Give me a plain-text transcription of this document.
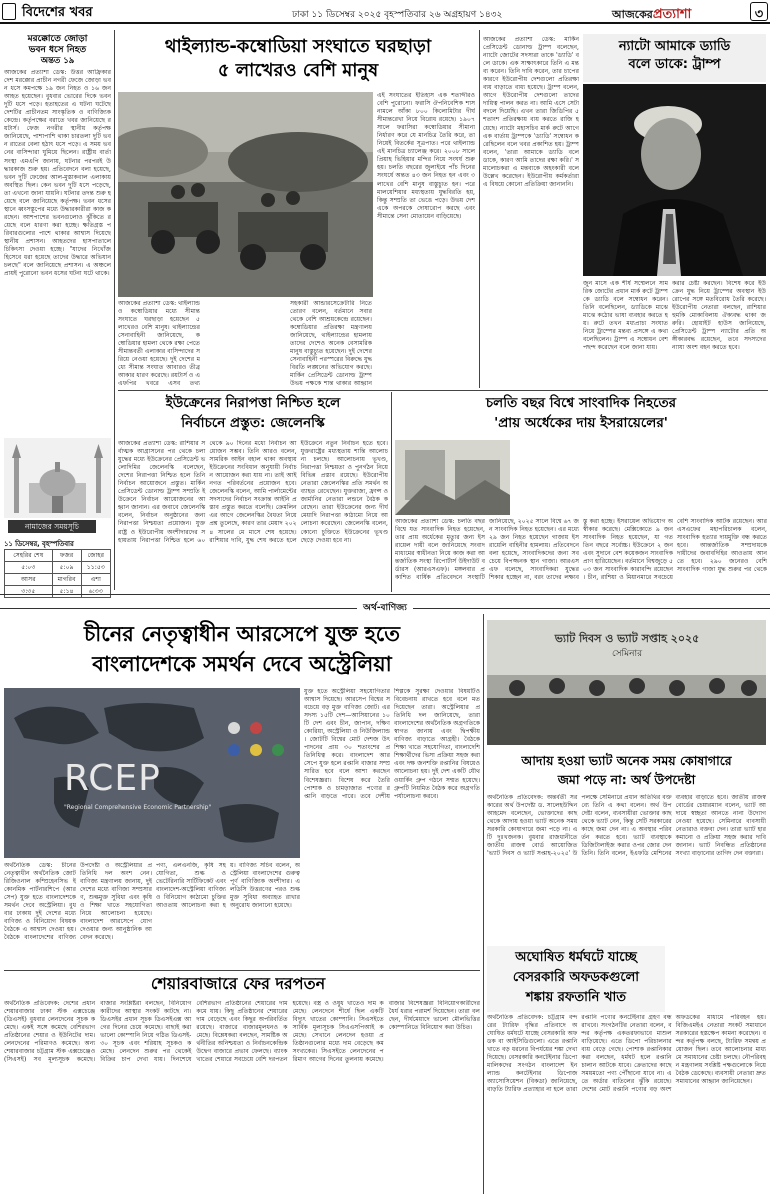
বিদেশের খবর	ঢাকা ১১ ডিসেম্বর ২০২৫ বৃহস্পতিবার ২৬ অগ্রহায়ণ ১৪৩২	আজকেরপ্রত্যাশা	৩
মরক্কোতে জোড়া
ভবন ধসে নিহত
অন্তত ১৯
আজকের প্রত্যাশা ডেস্ক: উত্তর আফ্রিকার দেশ মরক্কোর প্রাচীন নগরী ফেজে জোড়া ভবন ধসে কমপক্ষে ১৯ জন নিহত ও ১৬ জন আহত হয়েছেন। বুধবার ভোরের দিকে ভবন দুটি ধসে পড়ে। হতাহতের এ ঘটনা ঘটেছে দেশটির প্রাচীনতম সাংস্কৃতিক ও বাণিজ্যিক কেন্দ্রে। কর্তৃপক্ষের বরাতে খবর জানিয়েছে রয়টার্স। ফেজ নগরীর স্থানীয় কর্তৃপক্ষ জানিয়েছে, পাশাপাশি থাকা চারতলা দুটি ভবন রাতের বেলা হঠাৎ ধসে পড়ে। এ সময় ভবনের বাসিন্দারা ঘুমিয়ে ছিলেন। রাষ্ট্রীয় বার্তা সংস্থা এমএপি জানায়, ঘটনার পরপরই উদ্ধারকাজ শুরু হয়। প্রতিবেদনে বলা হয়েছে, ভবন দুটি ফেজের আল-মুস্তাকবাল এলাকায় অবস্থিত ছিল। কেন ভবন দুটি ধসে পড়েছে, তা এখনো জানা যায়নি। ঘটনার তদন্ত শুরু হয়েছে বলে জানিয়েছে কর্তৃপক্ষ। ভবন ধসের স্থানে ধ্বংসস্তূপের মধ্যে উদ্ধারকারীরা কাজ করছেন। আশপাশের ভবনগুলোও ঝুঁকিতে রয়েছে বলে ধারণা করা হচ্ছে। ক্ষতিগ্রস্ত পরিবারগুলোর পাশে থাকার আশ্বাস দিয়েছে স্থানীয় প্রশাসন। আহতদের হাসপাতালে চিকিৎসা দেওয়া হচ্ছে। "যাদের নিখোঁজ হিসেবে ধরা হয়েছে তাদের উদ্ধারে অভিযান চলছে" বলে জানিয়েছে প্রশাসন। এ অঞ্চলে প্রায়ই পুরোনো ভবন ধসের ঘটনা ঘটে থাকে।
নামাজের সময়সূচি
১১ ডিসেম্বর, বৃহস্পতিবার
সেহরির শেষ	ফজর	জোহর
৫:০৩	৫:০৯	১১:৫৩
আসর	মাগরিব	এশা
৩:৩৫	৫:১৪	৬:৩৩
থাইল্যান্ড-কম্বোডিয়া সংঘাতে ঘরছাড়া
৫ লাখেরও বেশি মানুষ
আজকের প্রত্যাশা ডেস্ক: থাইল্যান্ড ও কম্বোডিয়ার মধ্যে সীমান্ত সংঘাতে ঘরছাড়া হয়েছেন ৫ লাখেরও বেশি মানুষ। থাইল্যান্ডের সেনাবাহিনী জানিয়েছে, কম্বোডিয়ার হামলা থেকে রক্ষা পেতে সীমান্তবর্তী এলাকার বাসিন্দাদের সরিয়ে নেওয়া হয়েছে। দুই দেশের মধ্যে সীমান্ত সংঘাত আবারও তীব্র আকার ধারণ করেছে। রয়টার্স ও এএফপির খবরে এসব তথ্য
সহকারী আন্ডারসেক্রেটারি নিতে তোরণ বলেন, বর্তমানে সবার থেকে বেশি আশ্রয়কেন্দ্রে রয়েছেন। কম্বোডিয়ার প্রতিরক্ষা মন্ত্রণালয় জানিয়েছে, থাইল্যান্ডের হামলায় তাদের দেশেও অনেক বেসামরিক মানুষ বাস্তুচ্যুত হয়েছেন। দুই দেশের সেনাবাহিনী পরস্পরের বিরুদ্ধে যুদ্ধবিরতি লঙ্ঘনের অভিযোগ করছে। মার্কিন প্রেসিডেন্ট ডোনাল্ড ট্রাম্প উভয় পক্ষকে শান্ত থাকার আহ্বান
এই সংঘাতের ইতিহাস এক শতাব্দীরও বেশি পুরোনো। ফরাসি ঔপনিবেশিক শাসনামলে আঁকা ৮০০ কিলোমিটার দীর্ঘ সীমান্তরেখা নিয়ে বিরোধ রয়েছে। ১৯০৭ সালে ফরাসিরা কম্বোডিয়ার সীমানা নির্ধারণ করে যে মানচিত্র তৈরি করে, তা নিয়েই বিতর্কের সূত্রপাত। পরে থাইল্যান্ড এই মানচিত্র চ্যালেঞ্জ করে। ২০০৮ সালে প্রিয়াহ ভিহিয়ার মন্দির নিয়ে সংঘর্ষ শুরু হয়। চলতি বছরের জুলাইয়ে পাঁচ দিনের সংঘর্ষে অন্তত ৪৩ জন নিহত হন এবং ৩ লাখের বেশি মানুষ বাস্তুচ্যুত হন। পরে মালয়েশিয়ার মধ্যস্থতায় যুদ্ধবিরতি হয়, কিন্তু সম্প্রতি তা ভেঙে পড়ে। উভয় দেশ একে অপরকে দোষারোপ করছে এবং সীমান্তে সেনা মোতায়েন বাড়িয়েছে।
আজকের প্রত্যাশা ডেস্ক: মার্কিন প্রেসিডেন্ট ডোনাল্ড ট্রাম্প বলেছেন, ন্যাটো জোটের সদস্যরা তাকে 'ড্যাডি' বলে ডাকে। এক সাক্ষাৎকারে তিনি এ মন্তব্য করেন। তিনি দাবি করেন, তার চাপের কারণে ইউরোপীয় দেশগুলো প্রতিরক্ষা ব্যয় বাড়াতে বাধ্য হয়েছে। ট্রাম্প বলেন, আগে ইউরোপীয় দেশগুলো তাদের দায়িত্ব পালন করত না। আমি এসে সেটা বদলে দিয়েছি। এখন তারা জিডিপির ৫ শতাংশ প্রতিরক্ষায় ব্যয় করতে রাজি হয়েছে। ন্যাটো মহাসচিব মার্ক রুটে আগে এক বার্তায় ট্রাম্পকে 'ড্যাডি' সম্বোধন করেছিলেন বলে খবর প্রকাশিত হয়। ট্রাম্প বলেন, 'তারা আমাকে ড্যাডি বলে ডাকে, কারণ আমি তাদের রক্ষা করি।' সমালোচকরা এ মন্তব্যকে অহংকারী বলে উল্লেখ করেছেন। ইউরোপীয় কর্মকর্তারা এ বিষয়ে কোনো প্রতিক্রিয়া জানাননি।
ন্যাটো আমাকে ড্যাডি
বলে ডাকে: ট্রাম্প
জুন মাসে এক শীর্ষ সম্মেলনে সামরিক জোটের প্রধান মার্ক রুটে ট্রাম্পকে ড্যাডি বলে সম্বোধন করেন। তিনি বলেছিলেন, ড্যাডিকে মাঝে মাঝে কঠোর ভাষা ব্যবহার করতে হয়। রুটে তখন মধ্যপ্রাচ্য সংঘাত নিয়ে ট্রাম্পের মন্তব্য প্রসঙ্গে এ কথা বলেছিলেন। ট্রাম্প এ সম্বোধন বেশ পছন্দ করেছেন বলে জানা যায়।
করার চেষ্টা করছেন। বিশেষ করে ইউক্রেন যুদ্ধ নিয়ে ট্রাম্পের অবস্থান ইউরোপের সঙ্গে মতবিরোধ তৈরি করেছে। ইউরোপীয় নেতারা বলছেন, রাশিয়ার হুমকি মোকাবিলায় ঐক্যবদ্ধ থাকা জরুরি। হোয়াইট হাউস জানিয়েছে, প্রেসিডেন্ট ট্রাম্প ন্যাটোর প্রতি অঙ্গীকারবদ্ধ রয়েছেন, তবে সদস্যদের ন্যায্য অংশ বহন করতে হবে।
ইউক্রেনের নিরাপত্তা নিশ্চিত হলে
নির্বাচনে প্রস্তুত: জেলেনস্কি
আজকের প্রত্যাশা ডেস্ক: রাশিয়ার সর্বাত্মক আগ্রাসনের পর থেকে চলা যুদ্ধের মধ্যে ইউক্রেনের প্রেসিডেন্ট ভলোদিমির জেলেনস্কি বলেছেন, দেশের নিরাপত্তা নিশ্চিত হলে তিনি নির্বাচন আয়োজনে প্রস্তুত। মার্কিন প্রেসিডেন্ট ডোনাল্ড ট্রাম্প সম্প্রতি ইউক্রেনে নির্বাচন আয়োজনের আহ্বান জানান। এর জবাবে জেলেনস্কি বলেন, নির্বাচন অনুষ্ঠানের জন্য নিরাপত্তা নিশ্চয়তা প্রয়োজন। যুক্তরাষ্ট্র ও ইউরোপীয় অংশীদারদের সহায়তায় নিরাপত্তা নিশ্চিত হলে ৬০ থেকে ৯০ দিনের মধ্যে নির্বাচন আয়োজন সম্ভব। তিনি আরও বলেন, সামরিক আইন বহাল থাকা অবস্থায় ইউক্রেনের সংবিধান অনুযায়ী নির্বাচন আয়োজন করা যায় না। তাই আইনগত পরিবর্তনের প্রয়োজন হবে। জেলেনস্কি বলেন, আমি পার্লামেন্টের সদস্যদের নির্বাচন সংক্রান্ত আইনি প্রস্তাব প্রস্তুত করতে বলেছি। ক্রেমলিন এর আগে জেলেনস্কির বৈধতা নিয়ে প্রশ্ন তুলেছে, কারণ তার মেয়াদ ২০২৪ সালের মে মাসে শেষ হয়েছে। রাশিয়ার দাবি, যুদ্ধ শেষ করতে হলে ইউক্রেনে নতুন নির্বাচন হতে হবে। যুক্তরাষ্ট্রের মধ্যস্থতায় শান্তি আলোচনা চলছে। আলোচনায় ভূখণ্ড, নিরাপত্তা নিশ্চয়তা ও পুনর্গঠন নিয়ে বিভিন্ন প্রস্তাব রয়েছে। ইউরোপীয় নেতারা জেলেনস্কির প্রতি সমর্থন অব্যাহত রেখেছেন। যুক্তরাজ্য, ফ্রান্স ও জার্মানির নেতারা লন্ডনে বৈঠক করেছেন। তারা ইউক্রেনের জন্য দীর্ঘমেয়াদি নিরাপত্তা কাঠামো নিয়ে আলোচনা করেছেন। জেলেনস্কি বলেন, কোনো চুক্তিতে ইউক্রেনের ভূখণ্ড ছেড়ে দেওয়া হবে না।
চলতি বছর বিশ্বে সাংবাদিক নিহতের
'প্রায় অর্ধেকের দায় ইসরায়েলের'
আজকের প্রত্যাশা ডেস্ক: চলতি বছর বিশ্বে যত সাংবাদিক নিহত হয়েছেন, তার প্রায় অর্ধেকের মৃত্যুর জন্য ইসরায়েল দায়ী বলে জানিয়েছে সংবাদমাধ্যমের স্বাধীনতা নিয়ে কাজ করা আন্তর্জাতিক সংস্থা রিপোর্টার্স উইদাউট বর্ডারস (আরএসএফ)। মঙ্গলবার প্রকাশিত বার্ষিক প্রতিবেদনে সংস্থাটি জানিয়েছে, ২০২৫ সালে বিশ্বে ৬৭ জন সাংবাদিক নিহত হয়েছেন। এর মধ্যে ২৯ জন নিহত হয়েছেন গাজায় ইসরায়েলি বাহিনীর হামলায়। প্রতিবেদনে বলা হয়েছে, সাংবাদিকদের জন্য সবচেয়ে বিপজ্জনক স্থান গাজা। আরএসএফ বলেছে, সাংবাদিকরা যুদ্ধের শিকার হচ্ছেন না, বরং তাদের লক্ষ্যবস্তু করা হচ্ছে। ইসরায়েল অভিযোগ অস্বীকার করেছে। মেক্সিকোতে ৯ জন সাংবাদিক নিহত হয়েছেন, যা গত তিন বছরে সর্বোচ্চ। ইউক্রেনে ২ জন এবং সুদানে বেশ কয়েকজন সাংবাদিক প্রাণ হারিয়েছেন। বর্তমানে বিশ্বজুড়ে ৫০৩ জন সাংবাদিক কারাবন্দি রয়েছেন। চীন, রাশিয়া ও মিয়ানমারে সবচেয়ে বেশি সাংবাদিক আটক রয়েছেন। আরএসএফের মহাপরিচালক বলেন, সাংবাদিক হত্যার দায়মুক্তি বন্ধ করতে হবে। আন্তর্জাতিক সম্প্রদায়কে দায়ীদের জবাবদিহির আওতায় আনতে হবে। ২৯০ জনেরও বেশি সাংবাদিক গাজা যুদ্ধ শুরুর পর থেকে
অর্থ-বাণিজ্য
চীনের নেতৃত্বাধীন আরসেপে যুক্ত হতে
বাংলাদেশকে সমর্থন দেবে অস্ট্রেলিয়া
RCEP
"Regional Comprehensive Economic Partnership"
অর্থনৈতিক ডেস্ক: চীনের নেতৃত্বাধীন অর্থনৈতিক জোট রিজিওনাল কম্প্রিহেনসিভ ইকোনমিক পার্টনারশিপে (আরসেপ) যুক্ত হতে বাংলাদেশকে সমর্থন দেবে অস্ট্রেলিয়া। বুধবার ঢাকায় দুই দেশের মধ্যে বাণিজ্য ও বিনিয়োগ বিষয়ক বৈঠকে এ আশ্বাস দেওয়া হয়। বৈঠকে বাংলাদেশের বাণিজ্য উপদেষ্টা ও অস্ট্রেলিয়ার প্রতিনিধি দল অংশ নেন। বাণিজ্য মন্ত্রণালয় জানায়, দুই দেশের মধ্যে বাণিজ্য সম্প্রসারণ, শুল্কমুক্ত সুবিধা এবং কৃষি ও শিক্ষা খাতে সহযোগিতা নিয়ে আলোচনা হয়েছে। বাংলাদেশ আরসেপে যোগ দেওয়ার জন্য আনুষ্ঠানিক আবেদন করেছে।
পণ্য, এলএনজি, কৃষি সহযোগিতা, শুল্ক ও ভেটেরিনারি সার্টিফিকেট এবং বাংলাদেশ-অস্ট্রেলিয়া বাণিজ্য ও বিনিয়োগ কাঠামো চুক্তির আওতায় আলোচনা করা হয়। বাণিজ্য সচিব বলেন, অস্ট্রেলিয়া বাংলাদেশের গুরুত্বপূর্ণ বাণিজ্যিক অংশীদার। এলডিসি উত্তরণের পরও শুল্কমুক্ত সুবিধা অব্যাহত রাখার অনুরোধ জানানো হয়েছে।
যুক্ত হতে অস্ট্রেলিয়া সহযোগিতার আশ্বাস দিয়েছে। আরসেপ বিশ্বের সবচেয়ে বড় মুক্ত বাণিজ্য জোট। এর সদস্য ১৫টি দেশ—আসিয়ানের ১০টি দেশ এবং চীন, জাপান, দক্ষিণ কোরিয়া, অস্ট্রেলিয়া ও নিউজিল্যান্ড। জোটটি বিশ্বের মোট দেশজ উৎপাদনের প্রায় ৩০ শতাংশের প্রতিনিধিত্ব করে। বাংলাদেশ আরসেপে যুক্ত হলে রপ্তানি বাজার সম্প্রসারিত হবে বলে আশা করছেন বিশেষজ্ঞরা। বিশেষ করে তৈরি পোশাক ও চামড়াজাত পণ্যের রপ্তানি বাড়তে পারে। তবে দেশীয় শিল্পকে সুরক্ষা দেওয়ার বিষয়টিও বিবেচনায় রাখতে হবে বলে মত দিয়েছেন তারা। অস্ট্রেলিয়ার প্রতিনিধি দল জানিয়েছে, তারা বাংলাদেশের অর্থনৈতিক অগ্রগতিকে স্বাগত জানায় এবং দ্বিপক্ষীয় বাণিজ্য বাড়াতে আগ্রহী। বৈঠকে শিক্ষা খাতে সহযোগিতা, বাংলাদেশি শিক্ষার্থীদের ভিসা প্রক্রিয়া সহজ করা এবং দক্ষ জনশক্তি রপ্তানির বিষয়েও আলোচনা হয়। দুই দেশ একটি যৌথ ওয়ার্কিং গ্রুপ গঠনে সম্মত হয়েছে। গ্রুপটি নিয়মিত বৈঠক করে অগ্রগতি পর্যালোচনা করবে।
ভ্যাট দিবস ও ভ্যাট সপ্তাহ ২০২৫
সেমিনার
আদায় হওয়া ভ্যাট অনেক সময় কোষাগারে
জমা পড়ে না: অর্থ উপদেষ্টা
অর্থনৈতিক প্রতিবেদক: অন্তর্বর্তী সরকারের অর্থ উপদেষ্টা ড. সালেহউদ্দিন আহমেদ বলেছেন, ভোক্তাদের কাছ থেকে আদায় হওয়া ভ্যাট অনেক সময় সরকারি কোষাগারে জমা পড়ে না। এটি দুঃখজনক। বুধবার রাজধানীতে জাতীয় রাজস্ব বোর্ড আয়োজিত 'ভ্যাট দিবস ও ভ্যাট সপ্তাহ-২০২৫' উপলক্ষে সেমিনারে প্রধান অতিথির বক্তব্যে তিনি এ কথা বলেন। অর্থ উপদেষ্টা বলেন, ব্যবসায়ীরা ভোক্তার কাছ থেকে ভ্যাট নেন, কিন্তু সেটি সরকারের কাছে জমা দেন না। এ অবস্থার পরিবর্তন করতে হবে। ভ্যাট ব্যবস্থাকে ডিজিটালাইজ করার ওপর জোর দেন তিনি। তিনি বলেন, ইএফডি মেশিনের ব্যবহার বাড়াতে হবে। জাতীয় রাজস্ব বোর্ডের চেয়ারম্যান বলেন, ভ্যাট আদায়ে স্বচ্ছতা আনতে নানা উদ্যোগ নেওয়া হয়েছে। সেমিনারে ব্যবসায়ী নেতারাও বক্তব্য দেন। তারা ভ্যাট হার কমানো ও প্রক্রিয়া সহজ করার দাবি জানান। ভ্যাট নিবন্ধিত প্রতিষ্ঠানের সংখ্যা বাড়ানোর তাগিদ দেন বক্তারা।
শেয়ারবাজারে ফের দরপতন
অর্থনৈতিক প্রতিবেদক: দেশের প্রধান শেয়ারবাজার ঢাকা স্টক এক্সচেঞ্জে (ডিএসই) বুধবার লেনদেনের সূচক কমেছে। একই সঙ্গে কমেছে বেশিরভাগ প্রতিষ্ঠানের শেয়ার ও ইউনিটের দাম। লেনদেনের পরিমাণও কমেছে। অন্য শেয়ারবাজার চট্টগ্রাম স্টক এক্সচেঞ্জেও (সিএসই) সব মূল্যসূচক কমেছে। বাজার সংশ্লিষ্টরা বলছেন, বিনিয়োগকারীদের আস্থার সংকট কাটছে না। ডিএসইর প্রধান সূচক ডিএসইএক্স আগের দিনের চেয়ে কমেছে। বাছাই করা ভালো কোম্পানি নিয়ে গঠিত ডিএসই-৩০ সূচক এবং শরিয়াহ সূচকও কমেছে। লেনদেন শুরুর পর থেকেই বিক্রির চাপ দেখা যায়। দিনশেষে বেশিরভাগ প্রতিষ্ঠানের শেয়ারের দাম কমে যায়। কিছু প্রতিষ্ঠানের শেয়ারের দাম বেড়েছে এবং কিছুর অপরিবর্তিত রয়েছে। বাজারে বাজারমূলধনও কমেছে। বিশ্লেষকরা বলছেন, সামষ্টিক অর্থনীতির অনিশ্চয়তা ও নির্বাচনকেন্দ্রিক উদ্বেগ বাজারে প্রভাব ফেলছে। ব্যাংক খাতের শেয়ারে সবচেয়ে বেশি দরপতন হয়েছে। বস্ত্র ও ওষুধ খাতেও দাম কমেছে। লেনদেনে শীর্ষে ছিল একটি বিদ্যুৎ খাতের কোম্পানি। সিএসইতে সার্বিক মূল্যসূচক সিএএসপিআই কমেছে। সেখানে লেনদেন হওয়া প্রতিষ্ঠানগুলোর মধ্যে দাম বেড়েছে কম সংখ্যকের। সিএসইতে লেনদেনের পরিমাণ আগের দিনের তুলনায় কমেছে। বাজার বিশেষজ্ঞরা বিনিয়োগকারীদের ধৈর্য ধরার পরামর্শ দিয়েছেন। তারা বলছেন, দীর্ঘমেয়াদে ভালো মৌলভিত্তির কোম্পানিতে বিনিয়োগ করা উচিত।
অঘোষিত ধর্মঘটে যাচ্ছে
বেসরকারি অফডকগুলো
শঙ্কায় রফতানি খাত
অর্থনৈতিক প্রতিবেদক: চট্টগ্রাম বন্দরের ট্যারিফ বৃদ্ধির প্রতিবাদে অঘোষিত ধর্মঘটে যাচ্ছে বেসরকারি অফডক বা আইসিডিগুলো। এতে রপ্তানি খাতে বড় ধরনের বিপর্যয়ের শঙ্কা দেখা দিয়েছে। বেসরকারি কনটেইনার ডিপো মালিকদের সংগঠন বাংলাদেশ ইনল্যান্ড কনটেইনার ডিপোজ অ্যাসোসিয়েশন (বিকডা) জানিয়েছে, বাড়তি ট্যারিফ প্রত্যাহার না হলে তারা রপ্তানি পণ্যের কনটেইনার গ্রহণ বন্ধ রাখবে। সংগঠনটির নেতারা বলেন, বন্দর কর্তৃপক্ষ একতরফাভাবে মাশুল বাড়িয়েছে। এতে ডিপো পরিচালনার ব্যয় বেড়ে গেছে। পোশাক রপ্তানিকারকরা বলছেন, ধর্মঘট হলে রপ্তানি চালান আটকে যাবে। ক্রেতাদের কাছে সময়মতো পণ্য পৌঁছানো যাবে না। এতে অর্ডার বাতিলের ঝুঁকি রয়েছে। দেশের মোট রপ্তানি পণ্যের বড় অংশ অফডকের মাধ্যমে পরিবহন হয়। বিজিএমইএ নেতারা সংকট সমাধানে সরকারের হস্তক্ষেপ কামনা করেছেন। বন্দর কর্তৃপক্ষ বলছে, ট্যারিফ সমন্বয় প্রয়োজন ছিল। তবে আলোচনার মাধ্যমে সমাধানের চেষ্টা চলছে। নৌপরিবহন মন্ত্রণালয় সংশ্লিষ্ট পক্ষগুলোকে নিয়ে বৈঠক ডেকেছে। ব্যবসায়ী নেতারা দ্রুত সমাধানের আহ্বান জানিয়েছেন।
